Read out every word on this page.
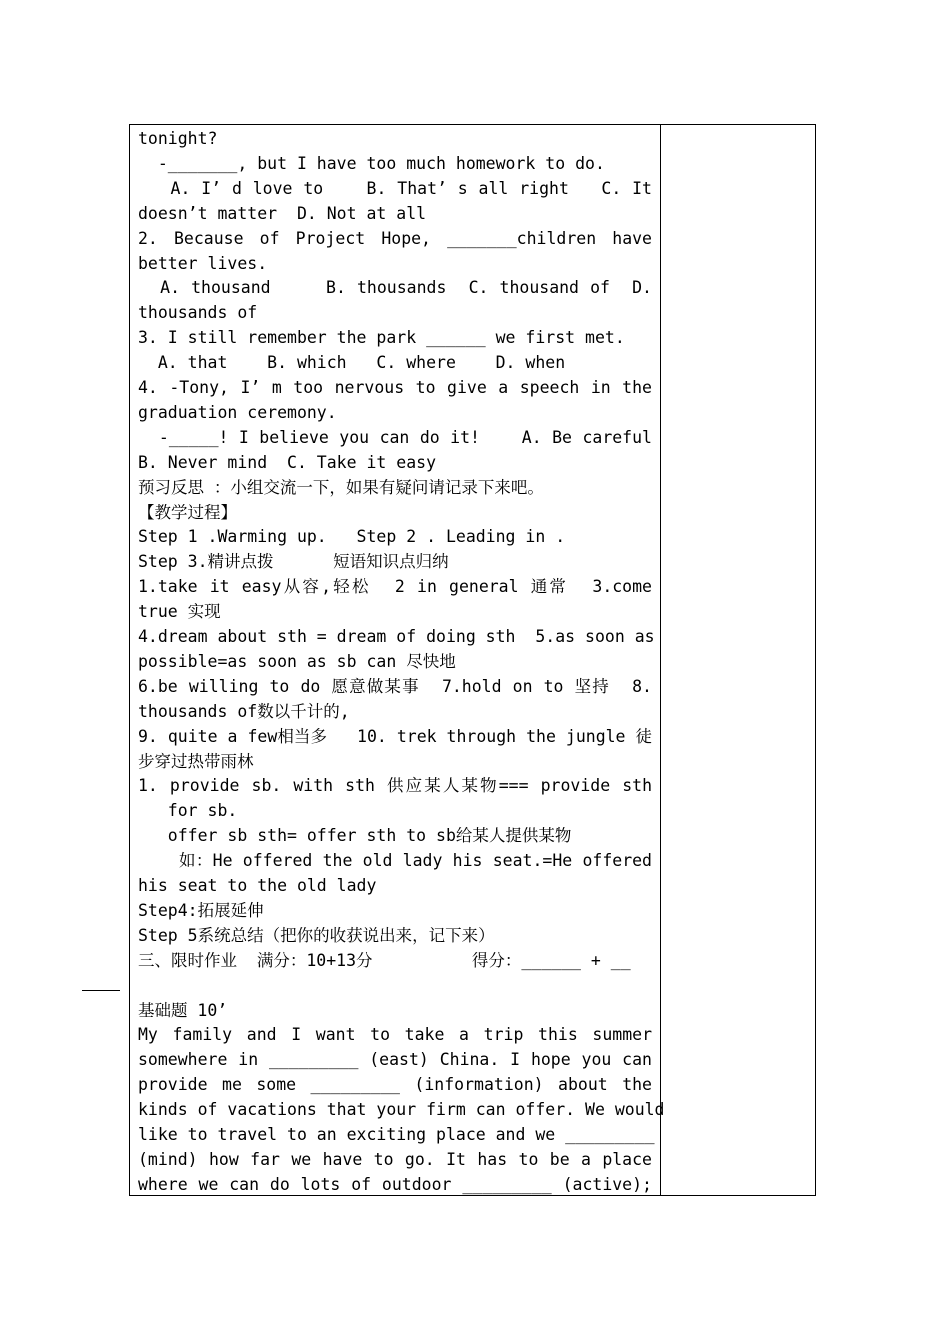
tonight?
-_______, but I have too much homework to do.
A. I’ d love to    B. That’ s all right   C. It
doesn’t matter  D. Not at all
2. Because of Project Hope, _______children have
better lives.
A. thousand     B. thousands  C. thousand of  D.
thousands of
3. I still remember the park ______ we first met.
A. that    B. which   C. where    D. when
4. -Tony, I’ m too nervous to give a speech in the
graduation ceremony.
-_____! I believe you can do it!    A. Be careful
B. Never mind  C. Take it easy
预习反思 ：小组交流一下，如果有疑问请记录下来吧。
【教学过程】
Step 1 .Warming up.   Step 2 . Leading in .
Step 3.精讲点拨      短语知识点归纳
1.take it easy从容,轻松  2 in general 通常  3.come
true 实现
4.dream about sth = dream of doing sth  5.as soon as
possible=as soon as sb can 尽快地
6.be willing to do 愿意做某事  7.hold on to 坚持  8.
thousands of数以千计的,
9. quite a few相当多   10. trek through the jungle 徒
步穿过热带雨林
1. provide sb. with sth 供应某人某物=== provide sth
for sb.
offer sb sth= offer sth to sb给某人提供某物
如：He offered the old lady his seat.=He offered
his seat to the old lady
Step4:拓展延伸
Step 5系统总结（把你的收获说出来，记下来）
三、限时作业  满分：10+13分          得分：______ + __
基础题 10’
My family and I want to take a trip this summer
somewhere in _________ (east) China. I hope you can
provide me some _________ (information) about the
kinds of vacations that your firm can offer. We would
like to travel to an exciting place and we _________
(mind) how far we have to go. It has to be a place
where we can do lots of outdoor _________ (active);
